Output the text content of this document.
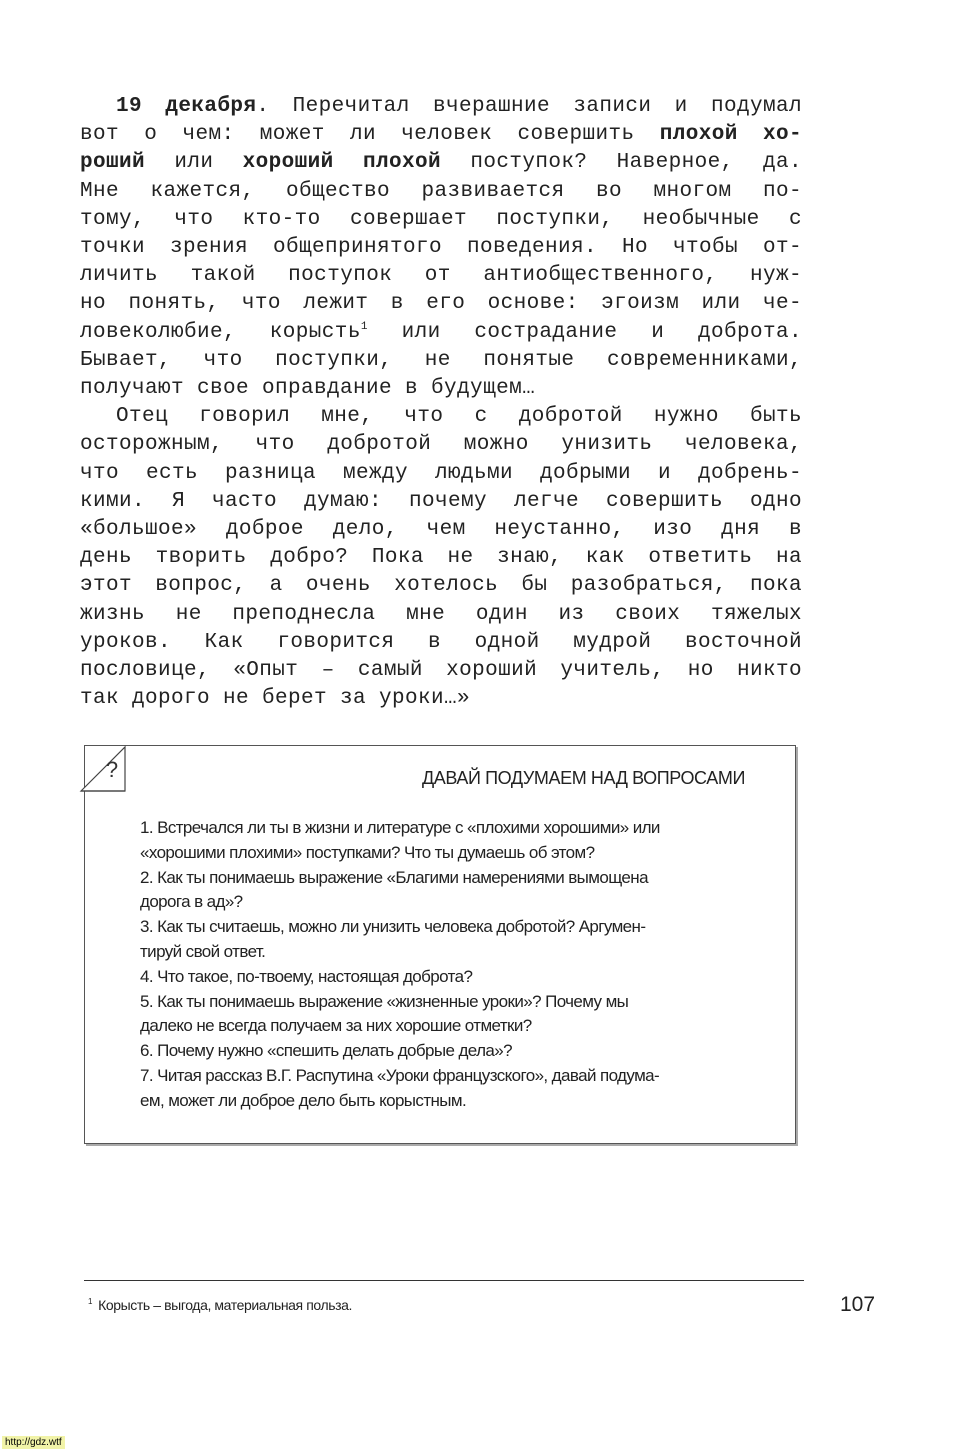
19 декабря. Перечитал вчерашние записи и подумал
вот о чем: может ли человек совершить плохой хо-
роший или хороший плохой поступок? Наверное, да.
Мне кажется, общество развивается во многом по-
тому, что кто-то совершает поступки, необычные с
точки зрения общепринятого поведения. Но чтобы от-
личить такой поступок от антиобщественного, нуж-
но понять, что лежит в его основе: эгоизм или че-
ловеколюбие, корысть$^1$ или сострадание и доброта.
Бывает, что поступки, не понятые современниками,
получают свое оправдание в будущем…

Отец говорил мне, что с добротой нужно быть
осторожным, что добротой можно унизить человека,
что есть разница между людьми добрыми и добрень-
кими. Я часто думаю: почему легче совершить одно
«большое» доброе дело, чем неустанно, изо дня в
день творить добро? Пока не знаю, как ответить на
этот вопрос, а очень хотелось бы разобраться, пока
жизнь не преподнесла мне один из своих тяжелых
уроков. Как говорится в одной мудрой восточной
пословице, «Опыт – самый хороший учитель, но никто
так дорого не берет за уроки…»

?	ДАВАЙ ПОДУМАЕМ НАД ВОПРОСАМИ
1. Встречался ли ты в жизни и литературе с «плохими хорошими» или
«хорошими плохими» поступками? Что ты думаешь об этом?
2. Как ты понимаешь выражение «Благими намерениями вымощена
дорога в ад»?
3. Как ты считаешь, можно ли унизить человека добротой? Аргумен-
тируй свой ответ.
4. Что такое, по-твоему, настоящая доброта?
5. Как ты понимаешь выражение «жизненные уроки»? Почему мы
далеко не всегда получаем за них хорошие отметки?
6. Почему нужно «спешить делать добрые дела»?
7. Читая рассказ В.Г. Распутина «Уроки французского», давай подума-
ем, может ли доброе дело быть корыстным.
$^1$ Корысть – выгода, материальная польза.	107
http://gdz.wtf
